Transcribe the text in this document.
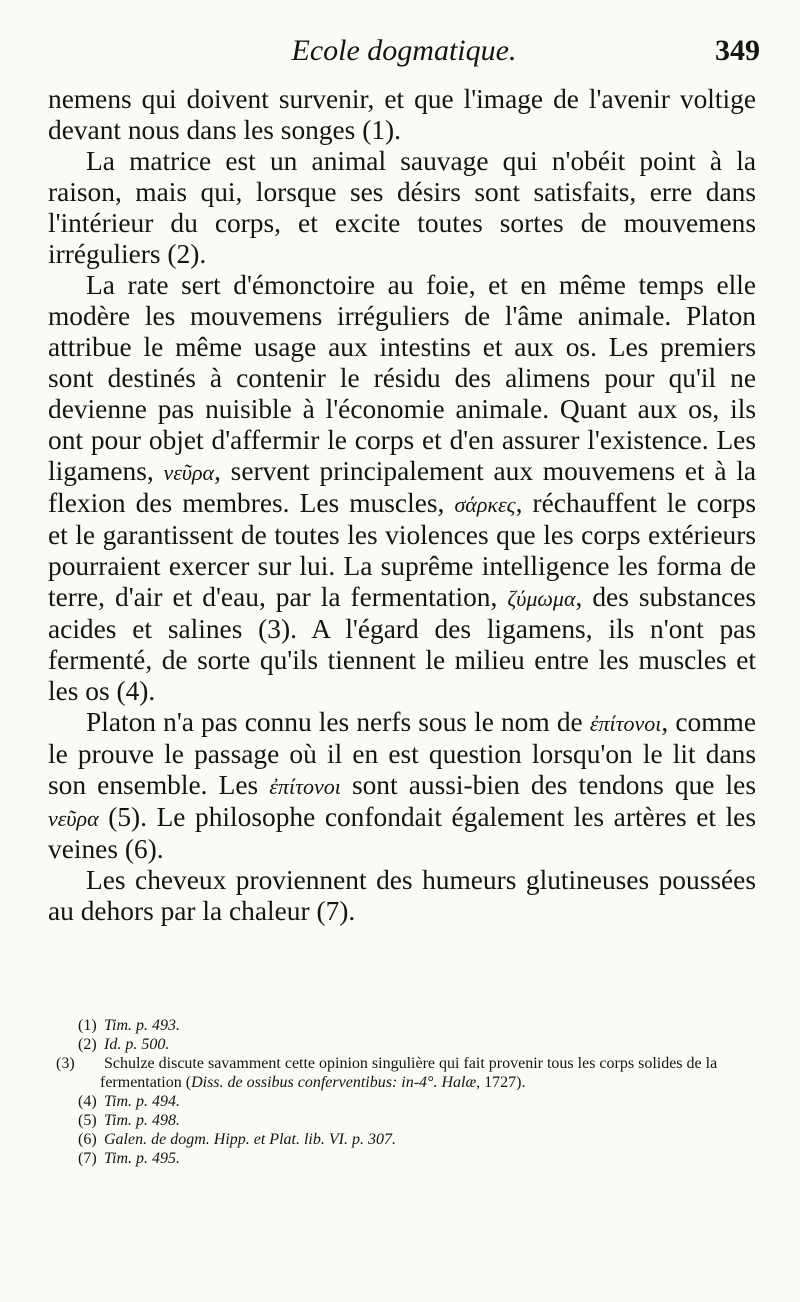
Ecole dogmatique.	349

nemens qui doivent survenir, et que l'image de l'avenir voltige devant nous dans les songes (1).

La matrice est un animal sauvage qui n'obéit point à la raison, mais qui, lorsque ses désirs sont satisfaits, erre dans l'intérieur du corps, et excite toutes sortes de mouvemens irréguliers (2).

La rate sert d'émonctoire au foie, et en même temps elle modère les mouvemens irréguliers de l'âme animale. Platon attribue le même usage aux intestins et aux os. Les premiers sont destinés à contenir le résidu des alimens pour qu'il ne devienne pas nuisible à l'économie animale. Quant aux os, ils ont pour objet d'affermir le corps et d'en assurer l'existence. Les ligamens, νεῦρα, servent principalement aux mouvemens et à la flexion des membres. Les muscles, σάρκες, réchauffent le corps et le garantissent de toutes les violences que les corps extérieurs pourraient exercer sur lui. La suprême intelligence les forma de terre, d'air et d'eau, par la fermentation, ζύμωμα, des substances acides et salines (3). A l'égard des ligamens, ils n'ont pas fermenté, de sorte qu'ils tiennent le milieu entre les muscles et les os (4).

Platon n'a pas connu les nerfs sous le nom de ἐπίτονοι, comme le prouve le passage où il en est question lorsqu'on le lit dans son ensemble. Les ἐπίτονοι sont aussi-bien des tendons que les νεῦρα (5). Le philosophe confondait également les artères et les veines (6).

Les cheveux proviennent des humeurs glutineuses poussées au dehors par la chaleur (7).

(1) Tim. p. 493.

(2) Id. p. 500.

(3) Schulze discute savamment cette opinion singulière qui fait provenir tous les corps solides de la fermentation (Diss. de ossibus conferventibus: in-4°. Halæ, 1727).

(4) Tim. p. 494.

(5) Tim. p. 498.

(6) Galen. de dogm. Hipp. et Plat. lib. VI. p. 307.

(7) Tim. p. 495.
